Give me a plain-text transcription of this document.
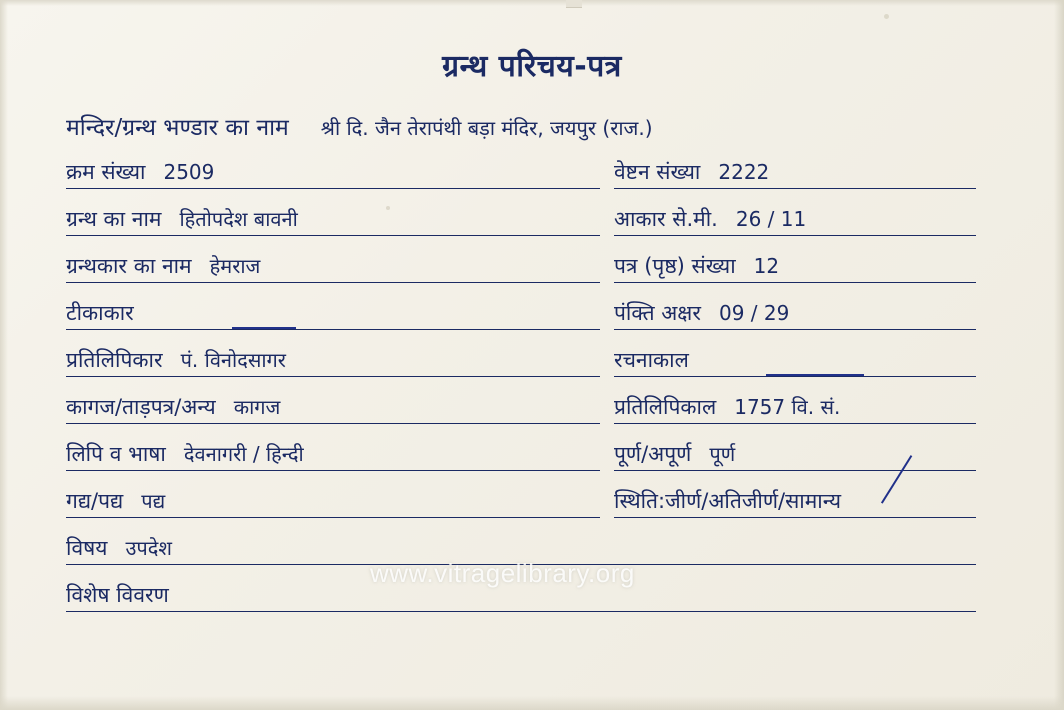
ग्रन्थ परिचय-पत्र
मन्दिर/ग्रन्थ भण्डार का नाम श्री दि. जैन तेरापंथी बड़ा मंदिर, जयपुर (राज.)
क्रम संख्या 2509	वेष्टन संख्या 2222
ग्रन्थ का नाम हितोपदेश बावनी	आकार से.मी. 26 / 11
ग्रन्थकार का नाम हेमराज	पत्र (पृष्ठ) संख्या 12
टीकाकार	पंक्ति अक्षर 09 / 29
प्रतिलिपिकार पं. विनोदसागर	रचनाकाल
कागज/ताड़पत्र/अन्य कागज	प्रतिलिपिकाल 1757 वि. सं.
लिपि व भाषा देवनागरी / हिन्दी	पूर्ण/अपूर्ण पूर्ण
गद्य/पद्य पद्य	स्थिति:जीर्ण/अतिजीर्ण/सामान्य
विषय उपदेश
विशेष विवरण
www.vitragelibrary.org
